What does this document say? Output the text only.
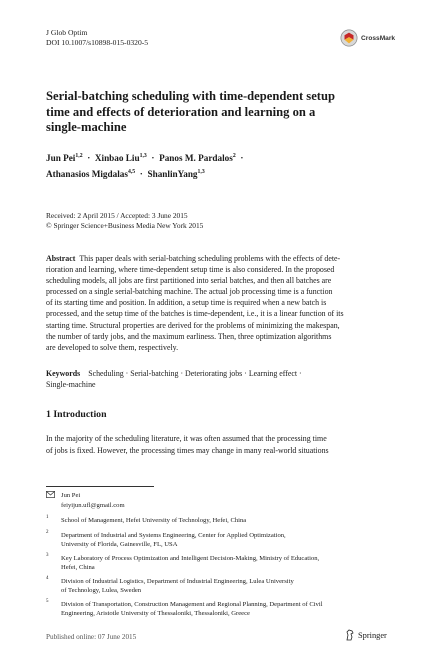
J Glob Optim
DOI 10.1007/s10898-015-0320-5	CrossMark
Serial-batching scheduling with time-dependent setup
time and effects of deterioration and learning on a
single-machine
Jun Pei$^{1,2}$ · Xinbao Liu$^{1,3}$ · Panos M. Pardalos$^2$ ·
Athanasios Migdalas$^{4,5}$ · ShanlinYang$^{1,3}$
Received: 2 April 2015 / Accepted: 3 June 2015
© Springer Science+Business Media New York 2015
Abstract This paper deals with serial-batching scheduling problems with the effects of dete-
rioration and learning, where time-dependent setup time is also considered. In the proposed
scheduling models, all jobs are first partitioned into serial batches, and then all batches are
processed on a single serial-batching machine. The actual job processing time is a function
of its starting time and position. In addition, a setup time is required when a new batch is
processed, and the setup time of the batches is time-dependent, i.e., it is a linear function of its
starting time. Structural properties are derived for the problems of minimizing the makespan,
the number of tardy jobs, and the maximum earliness. Then, three optimization algorithms
are developed to solve them, respectively.
Keywords Scheduling · Serial-batching · Deteriorating jobs · Learning effect ·
Single-machine
1 Introduction
In the majority of the scheduling literature, it was often assumed that the processing time
of jobs is fixed. However, the processing times may change in many real-world situations
Jun Pei
feiyijun.ufl@gmail.com
1 School of Management, Hefei University of Technology, Hefei, China
2 Department of Industrial and Systems Engineering, Center for Applied Optimization,
University of Florida, Gainesville, FL, USA
3 Key Laboratory of Process Optimization and Intelligent Decision-Making, Ministry of Education,
Hefei, China
4 Division of Industrial Logistics, Department of Industrial Engineering, Lulea University
of Technology, Lulea, Sweden
5 Division of Transportation, Construction Management and Regional Planning, Department of Civil
Engineering, Aristotle University of Thessaloniki, Thessaloniki, Greece
Published online: 07 June 2015	Springer
